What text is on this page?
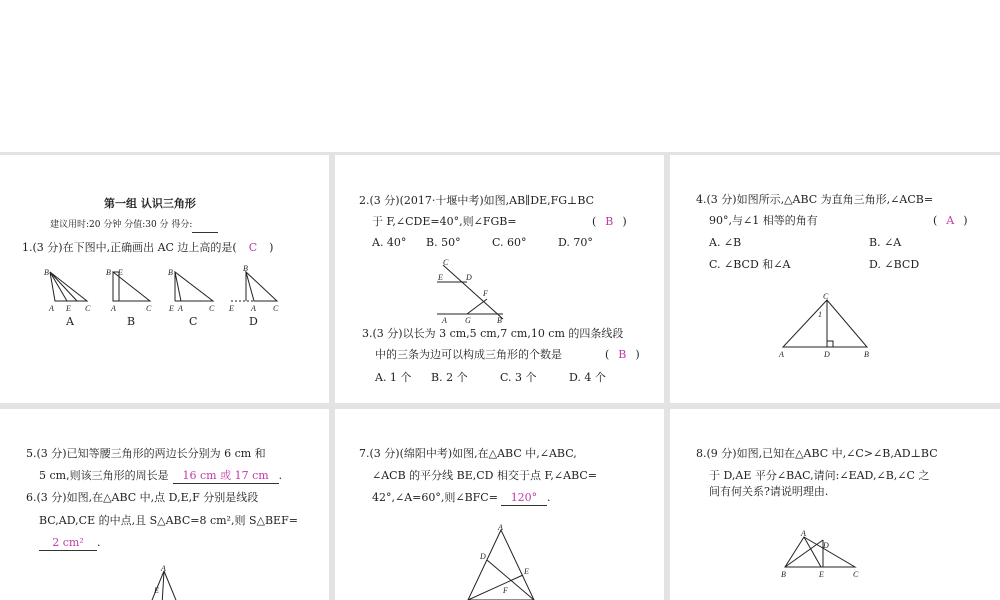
第一组 认识三角形
建议用时:20 分钟 分值:30 分 得分:
1.(3 分)在下图中,正确画出 AC 边上高的是( C )
B
A E C
B E
A	C
B
E A	C
B
E A C
A	B	C	D
2.(3 分)(2017·十堰中考)如图,AB∥DE,FG⊥BC
于 F,∠CDE=40°,则∠FGB=	( B )
A. 40° B. 50°	C. 60°	D. 70°
C
E	D
F
A G	B
3.(3 分)以长为 3 cm,5 cm,7 cm,10 cm 的四条线段
中的三条为边可以构成三角形的个数是	( B )
A. 1 个 B. 2 个	C. 3 个	D. 4 个
4.(3 分)如图所示,△ABC 为直角三角形,∠ACB=
90°,与∠1 相等的角有	( A )
A. ∠B	B. ∠A
C. ∠BCD 和∠A	D. ∠BCD
C
1
A	D	B
5.(3 分)已知等腰三角形的两边长分别为 6 cm 和
5 cm,则该三角形的周长是 16 cm 或 17 cm .
6.(3 分)如图,在△ABC 中,点 D,E,F 分别是线段
BC,AD,CE 的中点,且 S△ABC=8 cm²,则 S△BEF=
2 cm² .
A
E
7.(3 分)(绵阳中考)如图,在△ABC 中,∠ABC,
∠ACB 的平分线 BE,CD 相交于点 F,∠ABC=
42°,∠A=60°,则∠BFC= 120° .
A
D
E
F
8.(9 分)如图,已知在△ABC 中,∠C>∠B,AD⊥BC
于 D,AE 平分∠BAC,请问:∠EAD,∠B,∠C 之
间有何关系?请说明理由.
A
D
B	E	C
